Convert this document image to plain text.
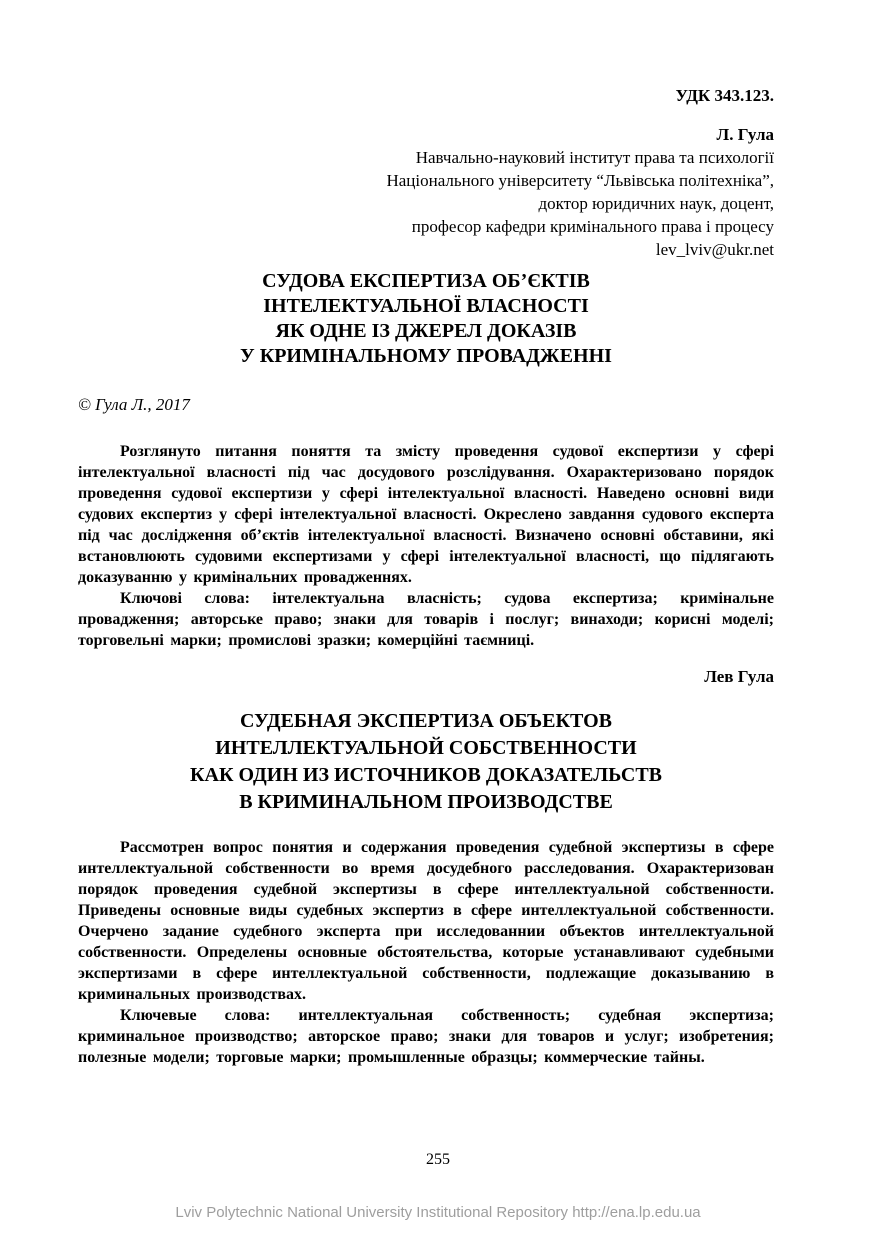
УДК 343.123.
Л. Гула
Навчально-науковий інститут права та психології
Національного університету “Львівська політехніка”,
доктор юридичних наук, доцент,
професор кафедри кримінального права і процесу
lev_lviv@ukr.net
СУДОВА ЕКСПЕРТИЗА ОБ’ЄКТІВ
ІНТЕЛЕКТУАЛЬНОЇ ВЛАСНОСТІ
ЯК ОДНЕ ІЗ ДЖЕРЕЛ ДОКАЗІВ
У КРИМІНАЛЬНОМУ ПРОВАДЖЕННІ
© Гула Л., 2017

Розглянуто питання поняття та змісту проведення судової експертизи у сфері інтелектуальної власності під час досудового розслідування. Охарактеризовано порядок проведення судової експертизи у сфері інтелектуальної власності. Наведено основні види судових експертиз у сфері інтелектуальної власності. Окреслено завдання судового експерта під час дослідження об’єктів інтелектуальної власності. Визначено основні обставини, які встановлюють судовими експертизами у сфері інтелектуальної власності, що підлягають доказуванню у кримінальних провадженнях.

Ключові слова: інтелектуальна власність; судова експертиза; кримінальне провадження; авторське право; знаки для товарів і послуг; винаходи; корисні моделі; торговельні марки; промислові зразки; комерційні таємниці.

Лев Гула
СУДЕБНАЯ ЭКСПЕРТИЗА ОБЪЕКТОВ
ИНТЕЛЛЕКТУАЛЬНОЙ СОБСТВЕННОСТИ
КАК ОДИН ИЗ ИСТОЧНИКОВ ДОКАЗАТЕЛЬСТВ
В КРИМИНАЛЬНОМ ПРОИЗВОДСТВЕ

Рассмотрен вопрос понятия и содержания проведения судебной экспертизы в сфере интеллектуальной собственности во время досудебного расследования. Охарактеризован порядок проведения судебной экспертизы в сфере интеллектуальной собственности. Приведены основные виды судебных экспертиз в сфере интеллектуальной собственности. Очерчено задание судебного эксперта при исследованнии объектов интеллектуальной собственности. Определены основные обстоятельства, которые устанавливают судебными экспертизами в сфере интеллектуальной собственности, подлежащие доказыванию в криминальных производствах.

Ключевые слова: интеллектуальная собственность; судебная экспертиза; криминальное производство; авторское право; знаки для товаров и услуг; изобретения; полезные модели; торговые марки; промышленные образцы; коммерческие тайны.

255
Lviv Polytechnic National University Institutional Repository http://ena.lp.edu.ua
